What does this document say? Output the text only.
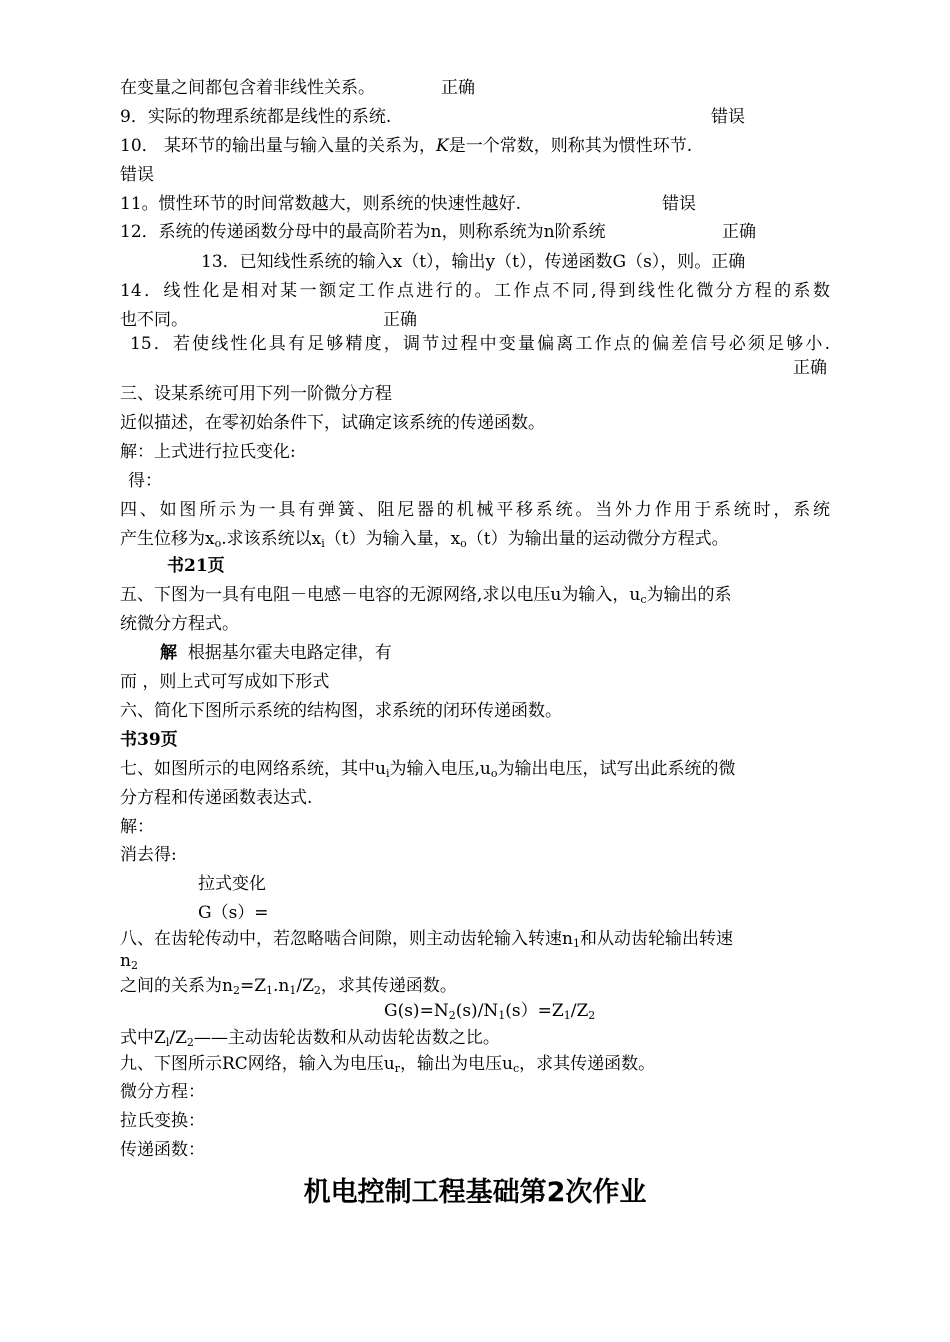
在变量之间都包含着非线性关系。	正确
9．实际的物理系统都是线性的系统.	错误
10． 某环节的输出量与输入量的关系为，K是一个常数，则称其为惯性环节.
错误
11。惯性环节的时间常数越大，则系统的快速性越好.	错误
12．系统的传递函数分母中的最高阶若为n，则称系统为n阶系统	正确
13．已知线性系统的输入x（t），输出y（t），传递函数G（s），则。正确
14．线性化是相对某一额定工作点进行的。工作点不同,得到线性化微分方程的系数
也不同。	正确
15．若使线性化具有足够精度，调节过程中变量偏离工作点的偏差信号必须足够小.
正确
三、设某系统可用下列一阶微分方程
近似描述，在零初始条件下，试确定该系统的传递函数。
解：上式进行拉氏变化:
得：
四、如图所示为一具有弹簧、阻尼器的机械平移系统。当外力作用于系统时，系统
产生位移为$x_o$.求该系统以$x_i(t)$为输入量，$x_o(t)$为输出量的运动微分方程式。
书21页
五、下图为一具有电阻－电感－电容的无源网络,求以电压u为输入，$u_c$为输出的系
统微分方程式。
解 根据基尔霍夫电路定律，有
而 ，则上式可写成如下形式
六、简化下图所示系统的结构图，求系统的闭环传递函数。
书39页
七、如图所示的电网络系统，其中$u_i$为输入电压$,u_o$为输出电压，试写出此系统的微
分方程和传递函数表达式.
解：
消去得:
拉式变化
G（s）=
八、在齿轮传动中，若忽略啮合间隙，则主动齿轮输入转速$n_1$和从动齿轮输出转速
$n_2$
之间的关系为$n_2=Z_1.n_1/Z_2$，求其传递函数。
$G(s)=N_2(s)/N_1(s)=Z_1/Z_2$
式中$Z_l/Z_2——$主动齿轮齿数和从动齿轮齿数之比。
九、下图所示RC网络，输入为电压$u_r$，输出为电压$u_c$，求其传递函数。
微分方程：
拉氏变换：
传递函数：
机电控制工程基础第2次作业
